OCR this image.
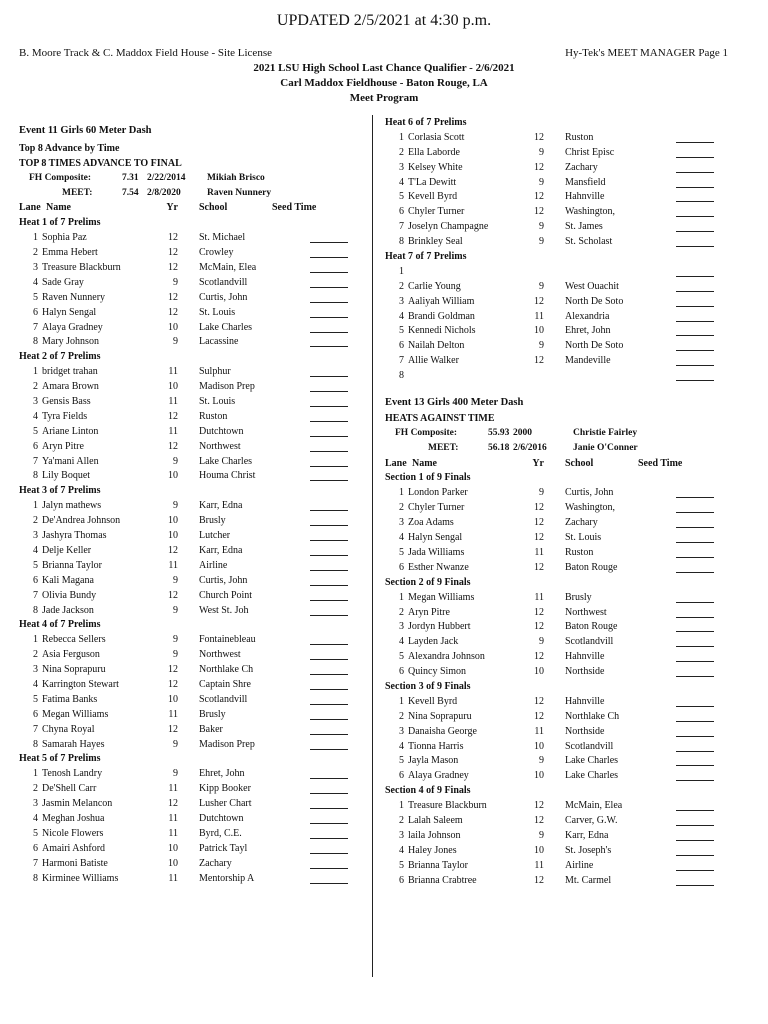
UPDATED 2/5/2021 at 4:30 p.m.
B. Moore Track & C. Maddox Field House - Site License	Hy-Tek's MEET MANAGER Page 1
2021 LSU High School Last Chance Qualifier - 2/6/2021
Carl Maddox Fieldhouse - Baton Rouge, LA
Meet Program
Event 11 Girls 60 Meter Dash
Top 8 Advance by Time
TOP 8 TIMES ADVANCE TO FINAL
FH Composite:	7.31 2/22/2014 Mikiah Brisco
MEET:	7.54 2/8/2020	Raven Nunnery
Lane Name	Yr School	Seed Time
Heat 1 of 7 Prelims
1 Sophia Paz	12 St. Michael
2 Emma Hebert	12 Crowley
3 Treasure Blackburn	12 McMain, Elea
4 Sade Gray	9 Scotlandvill
5 Raven Nunnery	12 Curtis, John
6 Halyn Sengal	12 St. Louis
7 Alaya Gradney	10 Lake Charles
8 Mary Johnson	9 Lacassine
Heat 2 of 7 Prelims
1 bridget trahan	11 Sulphur
2 Amara Brown	10 Madison Prep
3 Gensis Bass	11 St. Louis
4 Tyra Fields	12 Ruston
5 Ariane Linton	11 Dutchtown
6 Aryn Pitre	12 Northwest
7 Ya'mani Allen	9 Lake Charles
8 Lily Boquet	10 Houma Christ
Heat 3 of 7 Prelims
1 Jalyn mathews	9 Karr, Edna
2 De'Andrea Johnson	10 Brusly
3 Jashyra Thomas	10 Lutcher
4 Delje Keller	12 Karr, Edna
5 Brianna Taylor	11 Airline
6 Kali Magana	9 Curtis, John
7 Olivia Bundy	12 Church Point
8 Jade Jackson	9 West St. Joh
Heat 4 of 7 Prelims
1 Rebecca Sellers	9 Fontainebleau
2 Asia Ferguson	9 Northwest
3 Nina Soprapuru	12 Northlake Ch
4 Karrington Stewart	12 Captain Shre
5 Fatima Banks	10 Scotlandvill
6 Megan Williams	11 Brusly
7 Chyna Royal	12 Baker
8 Samarah Hayes	9 Madison Prep
Heat 5 of 7 Prelims
1 Tenosh Landry	9 Ehret, John
2 De'Shell Carr	11 Kipp Booker
3 Jasmin Melancon	12 Lusher Chart
4 Meghan Joshua	11 Dutchtown
5 Nicole Flowers	11 Byrd, C.E.
6 Amairi Ashford	10 Patrick Tayl
7 Harmoni Batiste	10 Zachary
8 Kirminee Williams	11 Mentorship A
Heat 6 of 7 Prelims
1 Corlasia Scott	12 Ruston
2 Ella Laborde	9 Christ Episc
3 Kelsey White	12 Zachary
4 T'La Dewitt	9 Mansfield
5 Kevell Byrd	12 Hahnville
6 Chyler Turner	12 Washington,
7 Joselyn Champagne	9 St. James
8 Brinkley Seal	9 St. Scholast
Heat 7 of 7 Prelims
1
2 Carlie Young	9 West Ouachit
3 Aaliyah William	12 North De Soto
4 Brandi Goldman	11 Alexandria
5 Kennedi Nichols	10 Ehret, John
6 Nailah Delton	9 North De Soto
7 Allie Walker	12 Mandeville
8
Event 13 Girls 400 Meter Dash
HEATS AGAINST TIME
FH Composite:	55.93 2000	Christie Fairley
MEET:	56.18 2/6/2016	Janie O'Conner
Lane Name	Yr School	Seed Time
Section 1 of 9 Finals
1 London Parker	9 Curtis, John
2 Chyler Turner	12 Washington,
3 Zoa Adams	12 Zachary
4 Halyn Sengal	12 St. Louis
5 Jada Williams	11 Ruston
6 Esther Nwanze	12 Baton Rouge
Section 2 of 9 Finals
1 Megan Williams	11 Brusly
2 Aryn Pitre	12 Northwest
3 Jordyn Hubbert	12 Baton Rouge
4 Layden Jack	9 Scotlandvill
5 Alexandra Johnson	12 Hahnville
6 Quincy Simon	10 Northside
Section 3 of 9 Finals
1 Kevell Byrd	12 Hahnville
2 Nina Soprapuru	12 Northlake Ch
3 Danaisha George	11 Northside
4 Tionna Harris	10 Scotlandvill
5 Jayla Mason	9 Lake Charles
6 Alaya Gradney	10 Lake Charles
Section 4 of 9 Finals
1 Treasure Blackburn	12 McMain, Elea
2 Lalah Saleem	12 Carver, G.W.
3 laila Johnson	9 Karr, Edna
4 Haley Jones	10 St. Joseph's
5 Brianna Taylor	11 Airline
6 Brianna Crabtree	12 Mt. Carmel
